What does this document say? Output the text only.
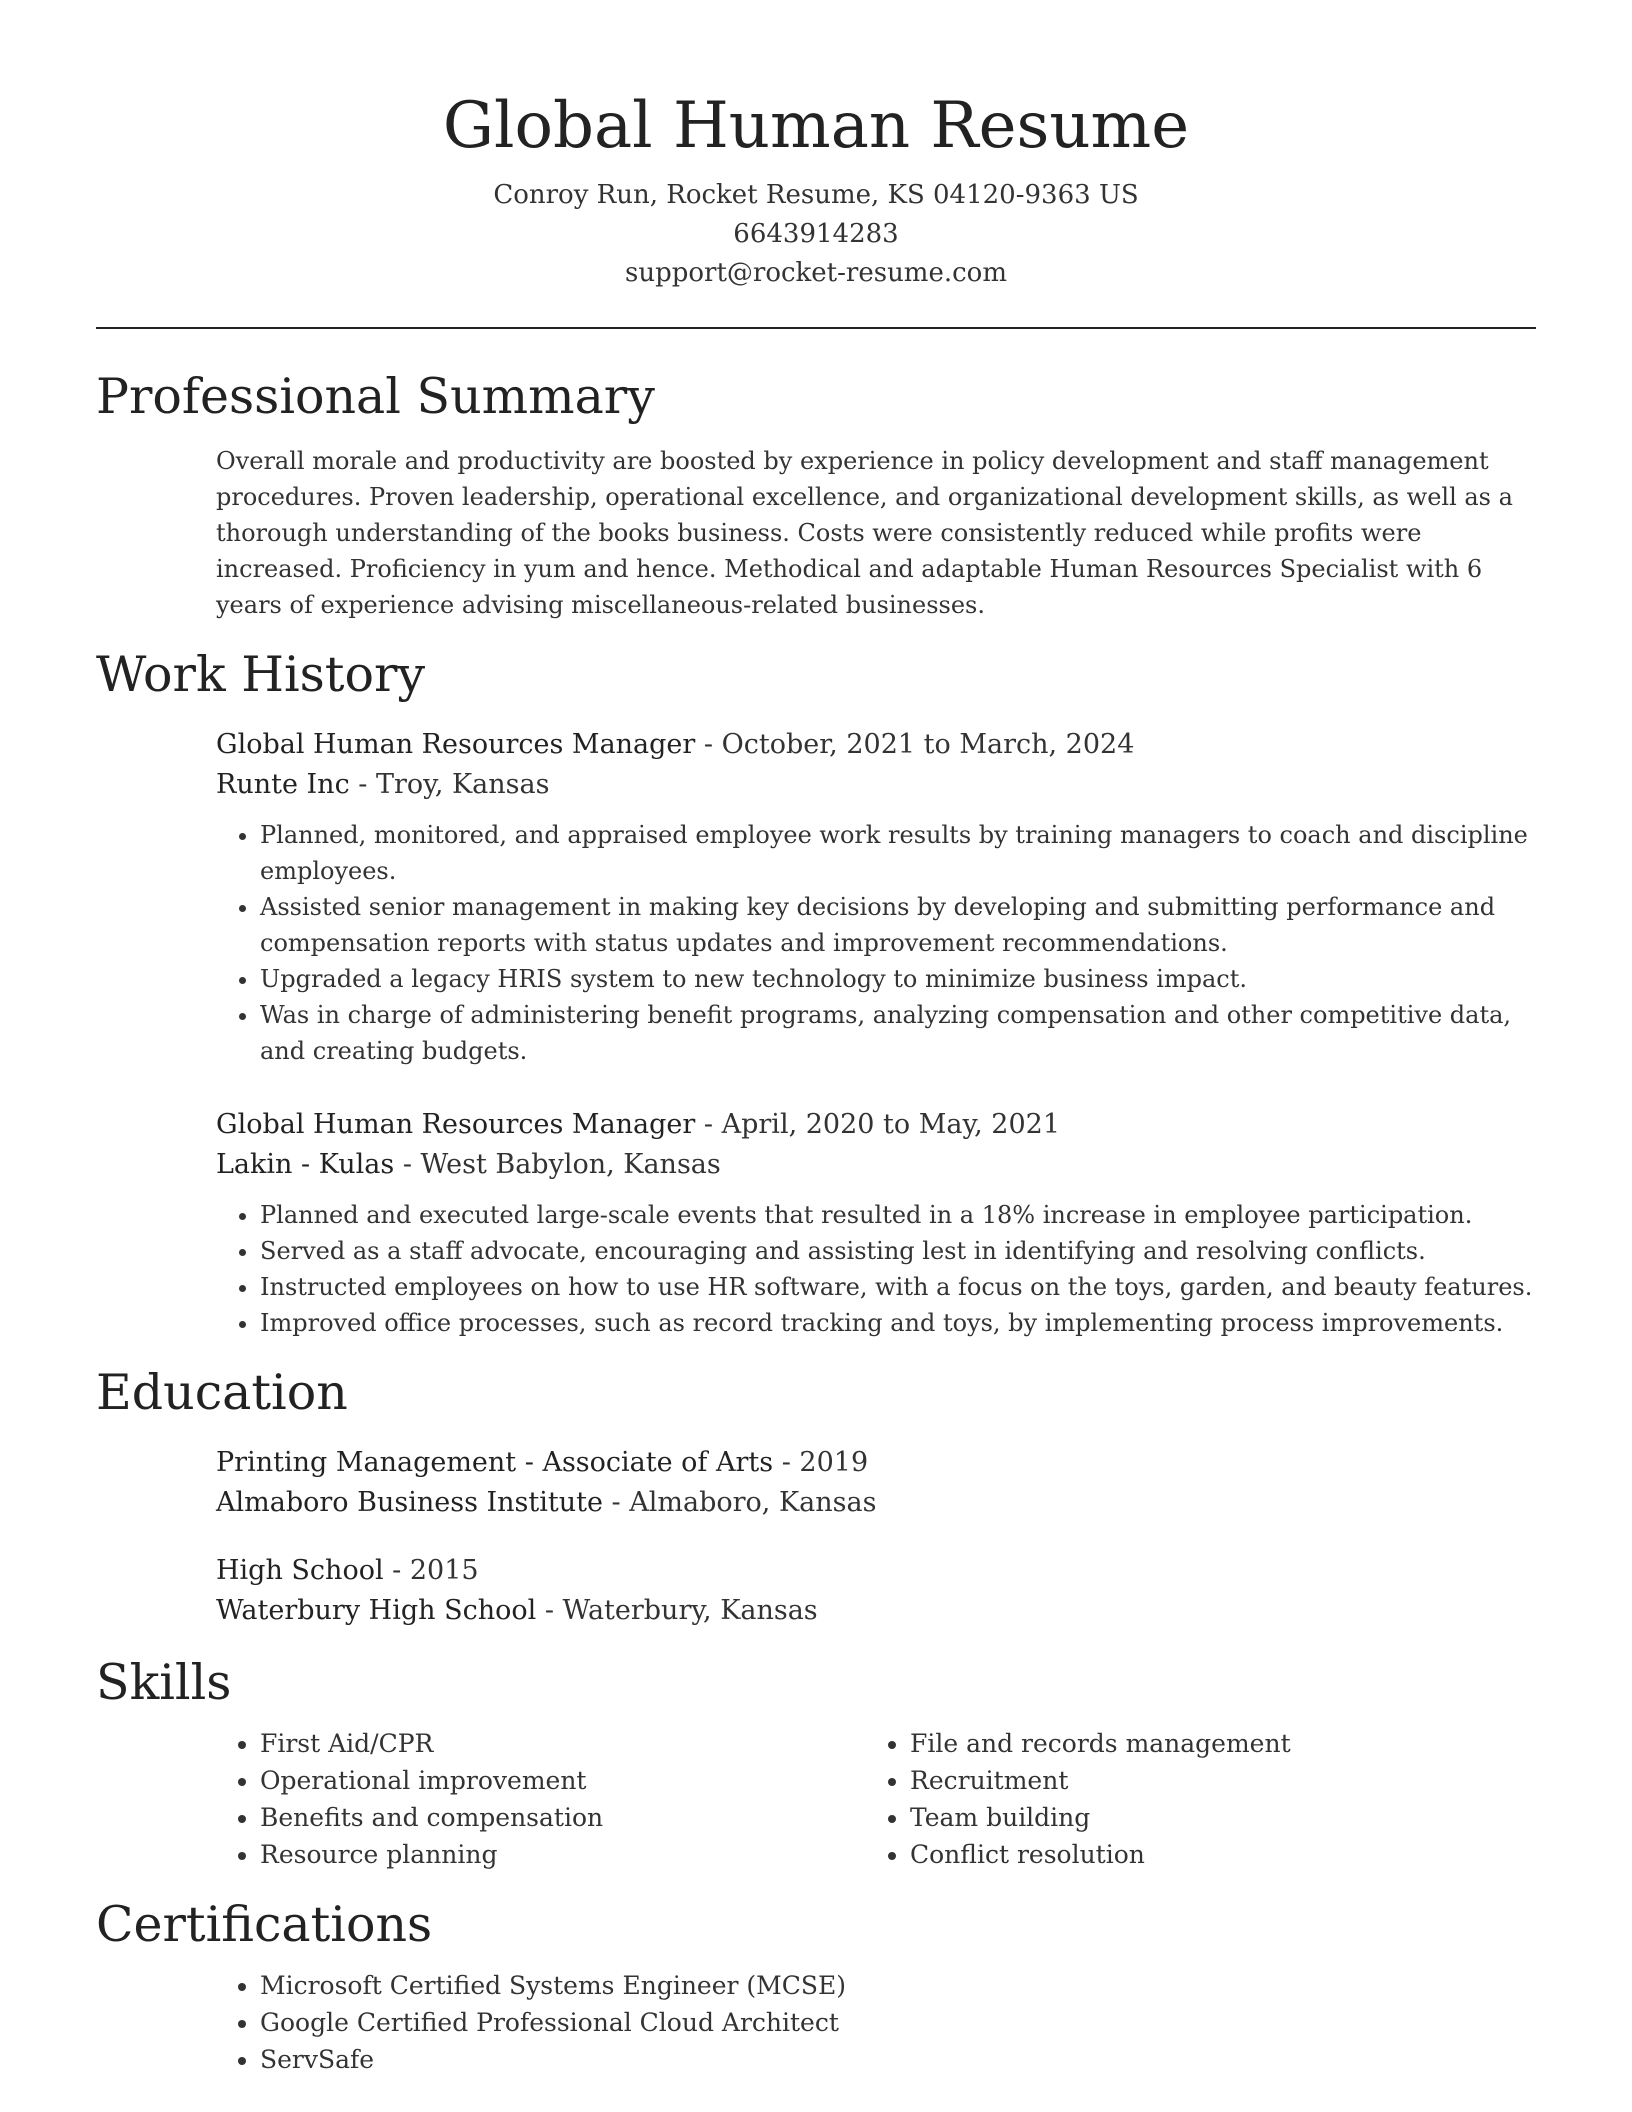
Global Human Resume
Conroy Run, Rocket Resume, KS 04120-9363 US
6643914283
support@rocket-resume.com
Professional Summary
Overall morale and productivity are boosted by experience in policy development and staff management procedures. Proven leadership, operational excellence, and organizational development skills, as well as a thorough understanding of the books business. Costs were consistently reduced while profits were increased. Proficiency in yum and hence. Methodical and adaptable Human Resources Specialist with 6 years of experience advising miscellaneous-related businesses.
Work History
Global Human Resources Manager - October, 2021 to March, 2024
Runte Inc - Troy, Kansas
• Planned, monitored, and appraised employee work results by training managers to coach and discipline employees.
• Assisted senior management in making key decisions by developing and submitting performance and compensation reports with status updates and improvement recommendations.
• Upgraded a legacy HRIS system to new technology to minimize business impact.
• Was in charge of administering benefit programs, analyzing compensation and other competitive data, and creating budgets.
Global Human Resources Manager - April, 2020 to May, 2021
Lakin - Kulas - West Babylon, Kansas
• Planned and executed large-scale events that resulted in a 18% increase in employee participation.
• Served as a staff advocate, encouraging and assisting lest in identifying and resolving conflicts.
• Instructed employees on how to use HR software, with a focus on the toys, garden, and beauty features.
• Improved office processes, such as record tracking and toys, by implementing process improvements.
Education
Printing Management - Associate of Arts - 2019
Almaboro Business Institute - Almaboro, Kansas
High School - 2015
Waterbury High School - Waterbury, Kansas
Skills
• First Aid/CPR
• Operational improvement
• Benefits and compensation
• Resource planning
• File and records management
• Recruitment
• Team building
• Conflict resolution
Certifications
• Microsoft Certified Systems Engineer (MCSE)
• Google Certified Professional Cloud Architect
• ServSafe
